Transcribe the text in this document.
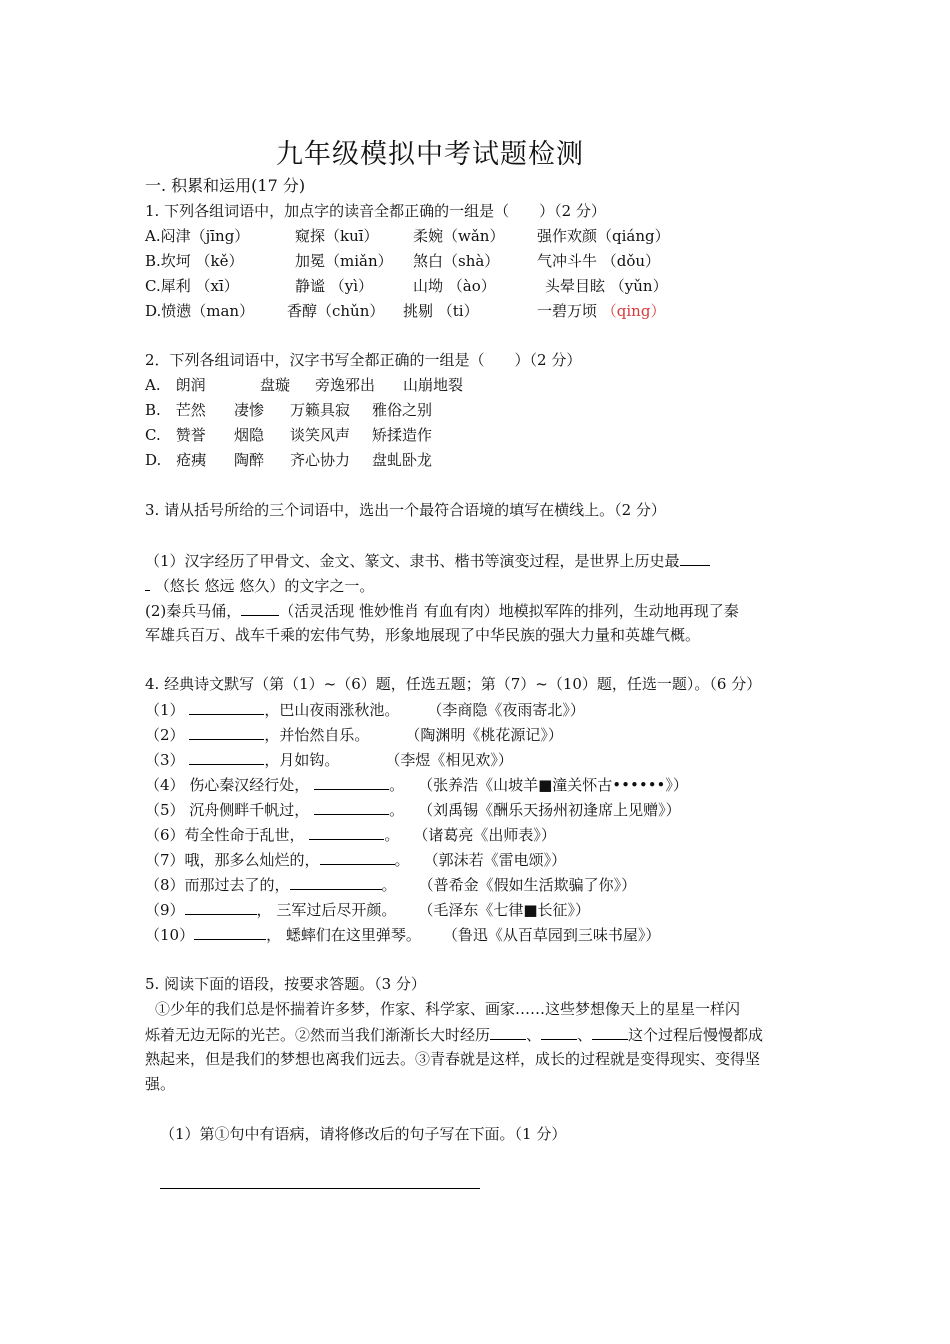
九年级模拟中考试题检测
一. 积累和运用(17 分)
1. 下列各组词语中，加点字的读音全都正确的一组是（　　）（2 分）
A.闷津（jīng）	窥探（kuī） 柔婉（wǎn） 强作欢颜（qiáng）
B.坎坷 （kě）	加冕（miǎn） 煞白（shà）	气冲斗牛 （dǒu）
C.犀利 （xī）	静谧 （yì）	山坳 （ào）	头晕目眩 （yǔn）
D.愤懑（man） 香醇（chǔn） 挑剔 （ti）	一碧万顷 （qing）
2．下列各组词语中，汉字书写全都正确的一组是（　　）（2 分）
A.　朗润	盘璇 旁逸邪出 山崩地裂
B.　芒然 凄惨 万籁具寂 雅俗之别
C.　赞誉 烟隐 谈笑风声 矫揉造作
D.　疮痍 陶醉 齐心协力 盘虬卧龙
3. 请从括号所给的三个词语中，选出一个最符合语境的填写在横线上。（2 分）
（1）汉字经历了甲骨文、金文、篆文、隶书、楷书等演变过程，是世界上历史最
（悠长 悠远 悠久）的文字之一。
(2)秦兵马俑，	（活灵活现 惟妙惟肖 有血有肉）地模拟军阵的排列，生动地再现了秦
军雄兵百万、战车千乘的宏伟气势，形象地展现了中华民族的强大力量和英雄气概。
4. 经典诗文默写（第（1）~（6）题，任选五题；第（7）~（10）题，任选一题）。（6 分）
（1）	，巴山夜雨涨秋池。 （李商隐《夜雨寄北》）
（2）	，并怡然自乐。 （陶渊明《桃花源记》）
（3）	，月如钩。	（李煜《相见欢》）
（4） 伤心秦汉经行处，	。 （张养浩《山坡羊■潼关怀古••••••》）
（5） 沉舟侧畔千帆过，	。 （刘禹锡《酬乐天扬州初逢席上见赠》）
（6）苟全性命于乱世，	。 （诸葛亮《出师表》）
（7）哦，那多么灿烂的，	。 （郭沫若《雷电颂》）
（8）而那过去了的，	。 （普希金《假如生活欺骗了你》）
（9）	， 三军过后尽开颜。 （毛泽东《七律■长征》）
（10）	， 蟋蟀们在这里弹琴。 （鲁迅《从百草园到三味书屋》）
5. 阅读下面的语段，按要求答题。（3 分）
①少年的我们总是怀揣着许多梦，作家、科学家、画家……这些梦想像天上的星星一样闪
烁着无边无际的光芒。②然而当我们渐渐长大时经历 、 、 这个过程后慢慢都成
熟起来，但是我们的梦想也离我们远去。③青春就是这样，成长的过程就是变得现实、变得坚
强。
（1）第①句中有语病，请将修改后的句子写在下面。（1 分）
